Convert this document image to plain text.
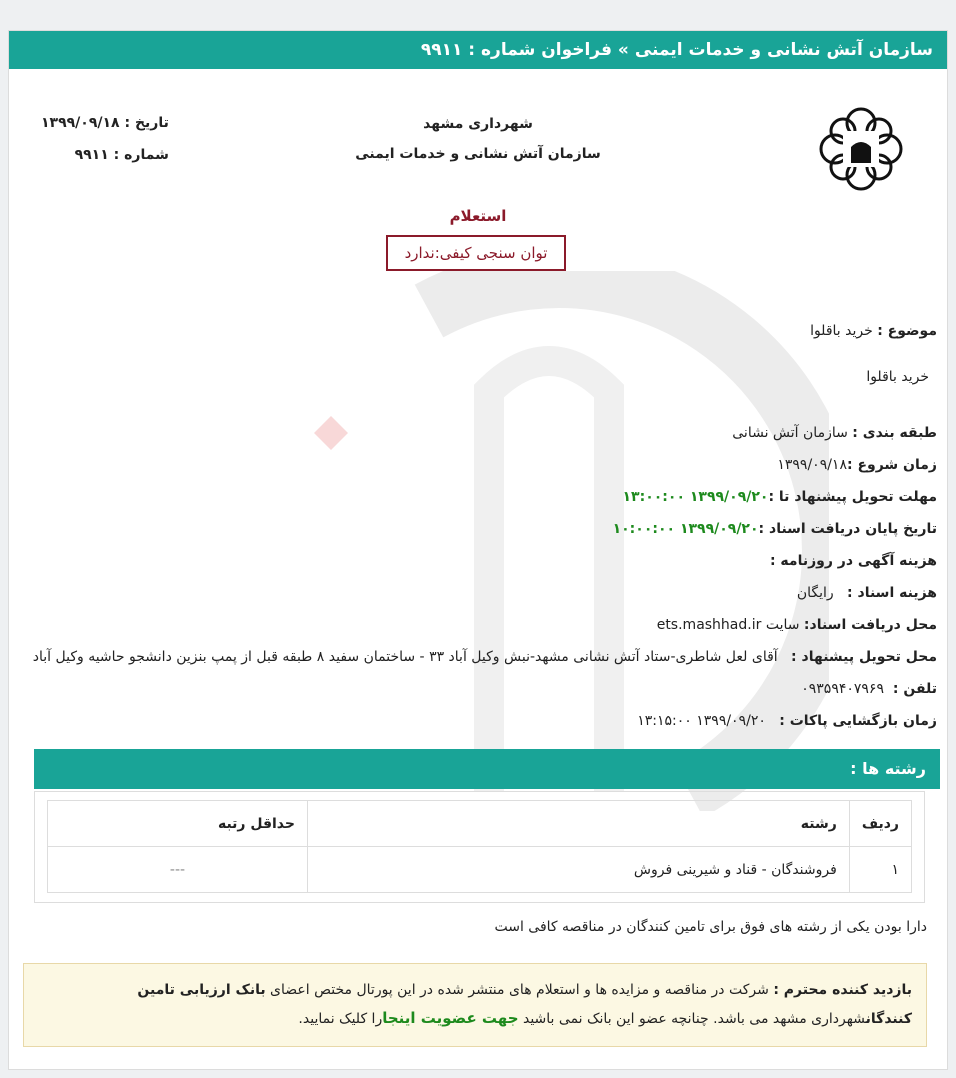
سازمان آتش نشانی و خدمات ایمنی » فراخوان شماره : ۹۹۱۱
شهرداری مشهد
سازمان آتش نشانی و خدمات ایمنی
تاریخ : ۱۳۹۹/۰۹/۱۸
شماره : ۹۹۱۱
استعلام
توان سنجی کیفی:ندارد
موضوع : خرید باقلوا
خرید باقلوا
طبقه بندی : سازمان آتش نشانی
زمان شروع :۱۳۹۹/۰۹/۱۸
مهلت تحویل پیشنهاد تا :۱۳۹۹/۰۹/۲۰ ۱۳:۰۰:۰۰
تاریخ پایان دریافت اسناد :۱۳۹۹/۰۹/۲۰ ۱۰:۰۰:۰۰
هزینه آگهی در روزنامه :
هزینه اسناد :   رایگان
محل دریافت اسناد: سایت ets.mashhad.ir
محل تحویل پیشنهاد :   آقای لعل شاطری-ستاد آتش نشانی مشهد-نبش وکیل آباد ۳۳ - ساختمان سفید ۸ طبقه قبل از پمپ بنزین دانشجو حاشیه وکیل آباد   تلفن :  ۰۹۳۵۹۴۰۷۹۶۹
زمان بازگشایی پاکات :   ۱۳۹۹/۰۹/۲۰ ۱۳:۱۵:۰۰
رشته ها :
ردیف	رشته	حداقل رتبه
۱	فروشندگان - قناد و شیرینی فروش	---
دارا بودن یکی از رشته های فوق برای تامین کنندگان در مناقصه کافی است
بازدید کننده محترم : شرکت در مناقصه و مزایده ها و استعلام های منتشر شده در این پورتال مختص اعضای بانک ارزیابی تامین کنندگانشهرداری مشهد می باشد. چنانچه عضو این بانک نمی باشید جهت عضویت اینجارا کلیک نمایید.
